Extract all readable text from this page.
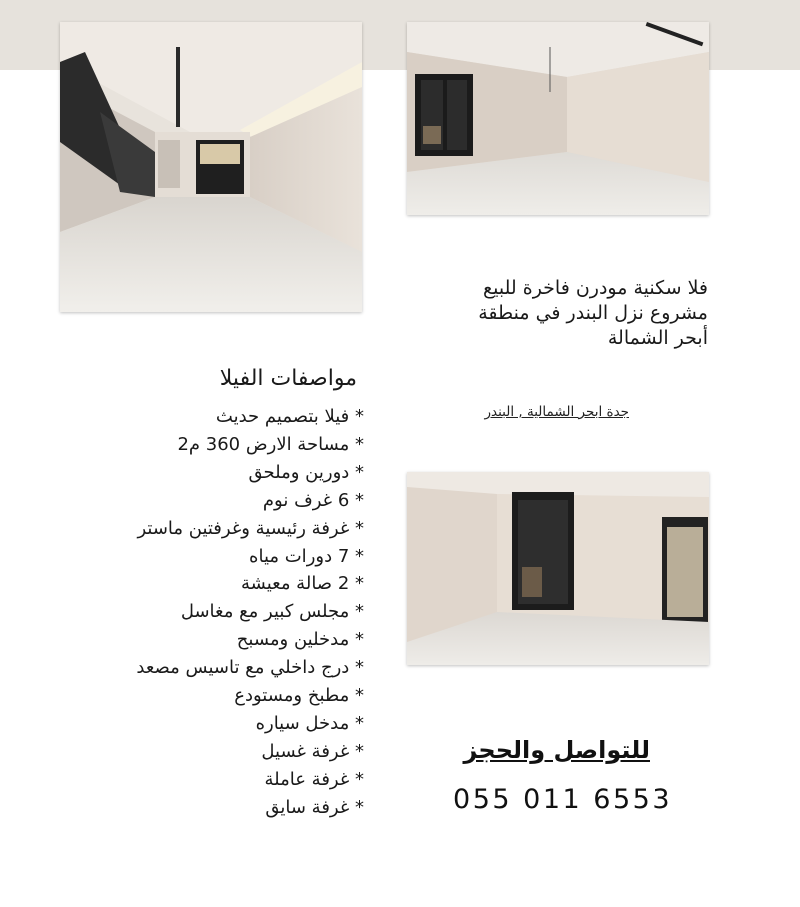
فلا سكنية مودرن فاخرة للبيع
مشروع نزل البندر في منطقة
أبحر الشمالة
جدة ابحر الشمالية , البندر
مواصفات الفيلا
* فيلا بتصميم حديث
* مساحة الارض 360 م2
* دورين وملحق
* 6 غرف نوم
* غرفة رئيسية وغرفتين ماستر
* 7 دورات مياه
* 2 صالة معيشة
* مجلس كبير مع مغاسل
* مدخلين ومسبح
* درج داخلي مع تاسيس مصعد
* مطبخ ومستودع
* مدخل سياره
* غرفة غسيل
* غرفة عاملة
* غرفة سايق
للتواصل والحجز
055 011 6553
